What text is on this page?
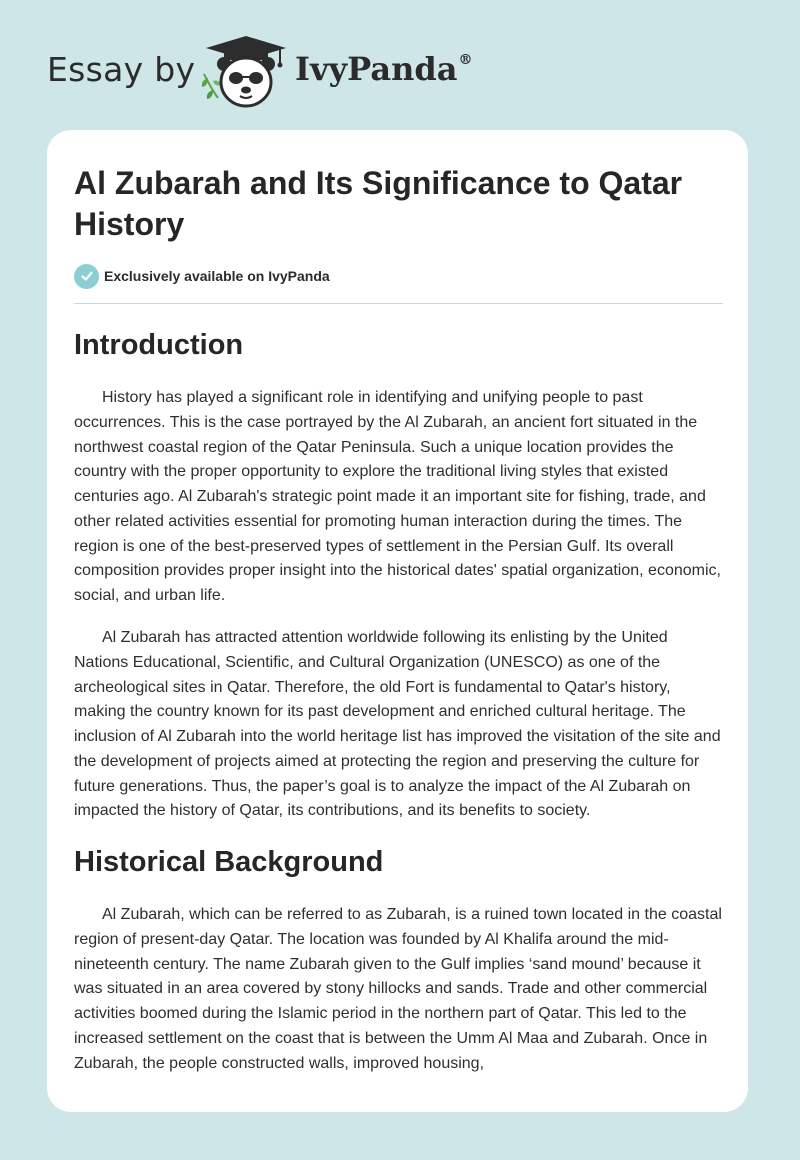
Essay by	IvyPanda®
Al Zubarah and Its Significance to Qatar History
Exclusively available on IvyPanda
Introduction

History has played a significant role in identifying and unifying people to past occurrences. This is the case portrayed by the Al Zubarah, an ancient fort situated in the northwest coastal region of the Qatar Peninsula. Such a unique location provides the country with the proper opportunity to explore the traditional living styles that existed centuries ago. Al Zubarah's strategic point made it an important site for fishing, trade, and other related activities essential for promoting human interaction during the times. The region is one of the best-preserved types of settlement in the Persian Gulf. Its overall composition provides proper insight into the historical dates' spatial organization, economic, social, and urban life.

Al Zubarah has attracted attention worldwide following its enlisting by the United Nations Educational, Scientific, and Cultural Organization (UNESCO) as one of the archeological sites in Qatar. Therefore, the old Fort is fundamental to Qatar's history, making the country known for its past development and enriched cultural heritage. The inclusion of Al Zubarah into the world heritage list has improved the visitation of the site and the development of projects aimed at protecting the region and preserving the culture for future generations. Thus, the paper’s goal is to analyze the impact of the Al Zubarah on impacted the history of Qatar, its contributions, and its benefits to society.

Historical Background

Al Zubarah, which can be referred to as Zubarah, is a ruined town located in the coastal region of present-day Qatar. The location was founded by Al Khalifa around the mid-nineteenth century. The name Zubarah given to the Gulf implies ‘sand mound’ because it was situated in an area covered by stony hillocks and sands. Trade and other commercial activities boomed during the Islamic period in the northern part of Qatar. This led to the increased settlement on the coast that is between the Umm Al Maa and Zubarah. Once in Zubarah, the people constructed walls, improved housing,
